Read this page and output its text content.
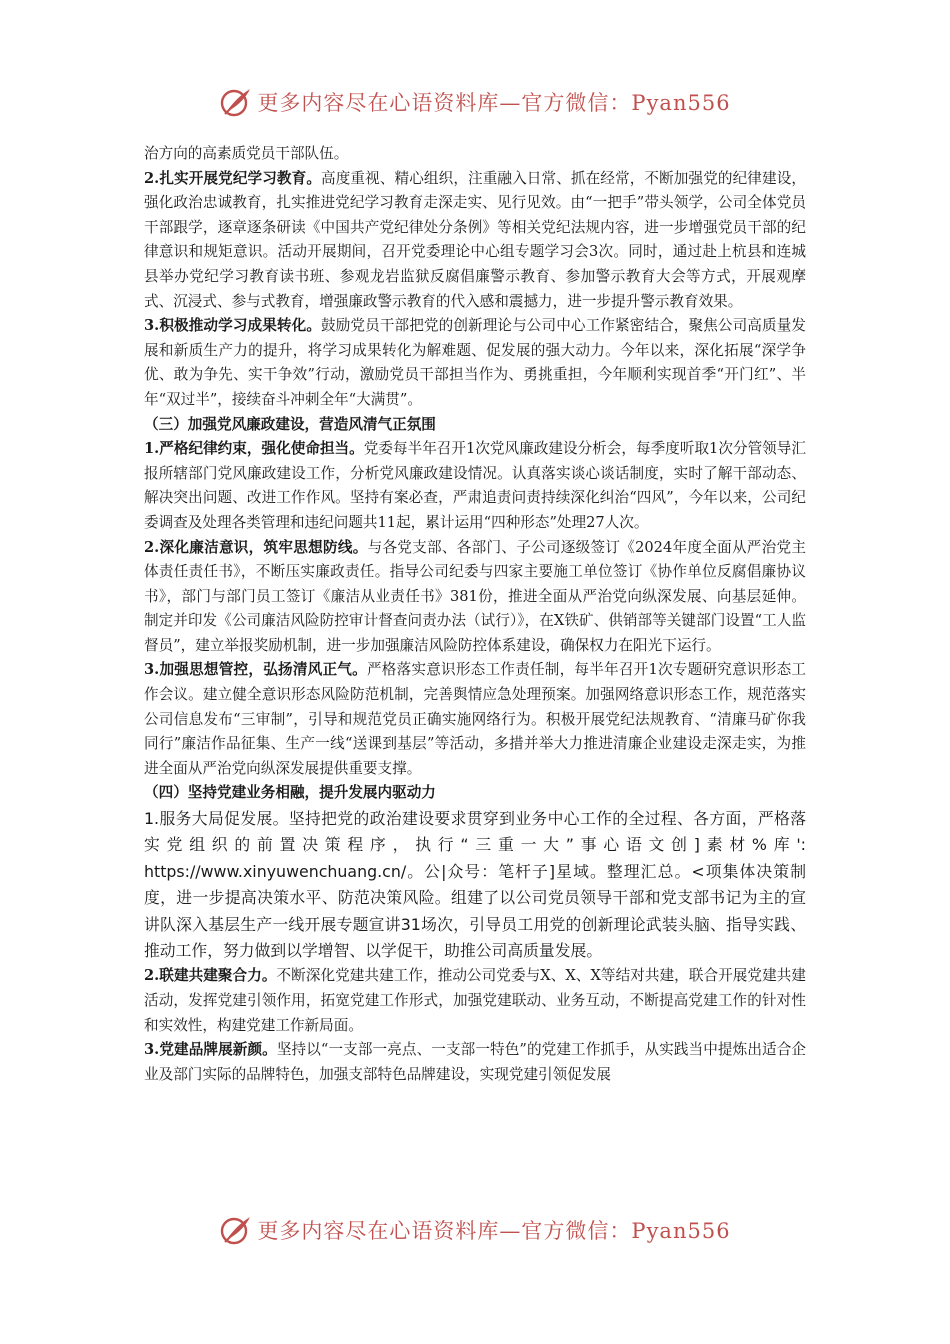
更多内容尽在心语资料库—官方微信：Pyan556

治方向的高素质党员干部队伍。

2.扎实开展党纪学习教育。高度重视、精心组织，注重融入日常、抓在经常，不断加强党的纪律建设，强化政治忠诚教育，扎实推进党纪学习教育走深走实、见行见效。由“一把手”带头领学，公司全体党员干部跟学，逐章逐条研读《中国共产党纪律处分条例》等相关党纪法规内容，进一步增强党员干部的纪律意识和规矩意识。活动开展期间，召开党委理论中心组专题学习会3次。同时，通过赴上杭县和连城县举办党纪学习教育读书班、参观龙岩监狱反腐倡廉警示教育、参加警示教育大会等方式，开展观摩式、沉浸式、参与式教育，增强廉政警示教育的代入感和震撼力，进一步提升警示教育效果。

3.积极推动学习成果转化。鼓励党员干部把党的创新理论与公司中心工作紧密结合，聚焦公司高质量发展和新质生产力的提升，将学习成果转化为解难题、促发展的强大动力。今年以来，深化拓展“深学争优、敢为争先、实干争效”行动，激励党员干部担当作为、勇挑重担，今年顺利实现首季“开门红”、半年“双过半”，接续奋斗冲刺全年“大满贯”。

（三）加强党风廉政建设，营造风清气正氛围

1.严格纪律约束，强化使命担当。党委每半年召开1次党风廉政建设分析会，每季度听取1次分管领导汇报所辖部门党风廉政建设工作，分析党风廉政建设情况。认真落实谈心谈话制度，实时了解干部动态、解决突出问题、改进工作作风。坚持有案必查，严肃追责问责持续深化纠治“四风”，今年以来，公司纪委调查及处理各类管理和违纪问题共11起，累计运用“四种形态”处理27人次。

2.深化廉洁意识，筑牢思想防线。与各党支部、各部门、子公司逐级签订《2024年度全面从严治党主体责任责任书》，不断压实廉政责任。指导公司纪委与四家主要施工单位签订《协作单位反腐倡廉协议书》，部门与部门员工签订《廉洁从业责任书》381份，推进全面从严治党向纵深发展、向基层延伸。制定并印发《公司廉洁风险防控审计督查问责办法（试行）》，在X铁矿、供销部等关键部门设置“工人监督员”，建立举报奖励机制，进一步加强廉洁风险防控体系建设，确保权力在阳光下运行。

3.加强思想管控，弘扬清风正气。严格落实意识形态工作责任制，每半年召开1次专题研究意识形态工作会议。建立健全意识形态风险防范机制，完善舆情应急处理预案。加强网络意识形态工作，规范落实公司信息发布“三审制”，引导和规范党员正确实施网络行为。积极开展党纪法规教育、“清廉马矿你我同行”廉洁作品征集、生产一线“送课到基层”等活动，多措并举大力推进清廉企业建设走深走实，为推进全面从严治党向纵深发展提供重要支撑。

（四）坚持党建业务相融，提升发展内驱动力

1.服务大局促发展。坚持把党的政治建设要求贯穿到业务中心工作的全过程、各方面，严格落实党组织的前置决策程序，执行“三重一大”事心语文创]素材%库': https://www.xinyuwenchuang.cn/。公|众号：笔杆子]星域。整理汇总。<项集体决策制度，进一步提高决策水平、防范决策风险。组建了以公司党员领导干部和党支部书记为主的宣讲队深入基层生产一线开展专题宣讲31场次，引导员工用党的创新理论武装头脑、指导实践、推动工作，努力做到以学增智、以学促干，助推公司高质量发展。

2.联建共建聚合力。不断深化党建共建工作，推动公司党委与X、X、X等结对共建，联合开展党建共建活动，发挥党建引领作用，拓宽党建工作形式，加强党建联动、业务互动，不断提高党建工作的针对性和实效性，构建党建工作新局面。

3.党建品牌展新颜。坚持以“一支部一亮点、一支部一特色”的党建工作抓手，从实践当中提炼出适合企业及部门实际的品牌特色，加强支部特色品牌建设，实现党建引领促发展

更多内容尽在心语资料库—官方微信：Pyan556
